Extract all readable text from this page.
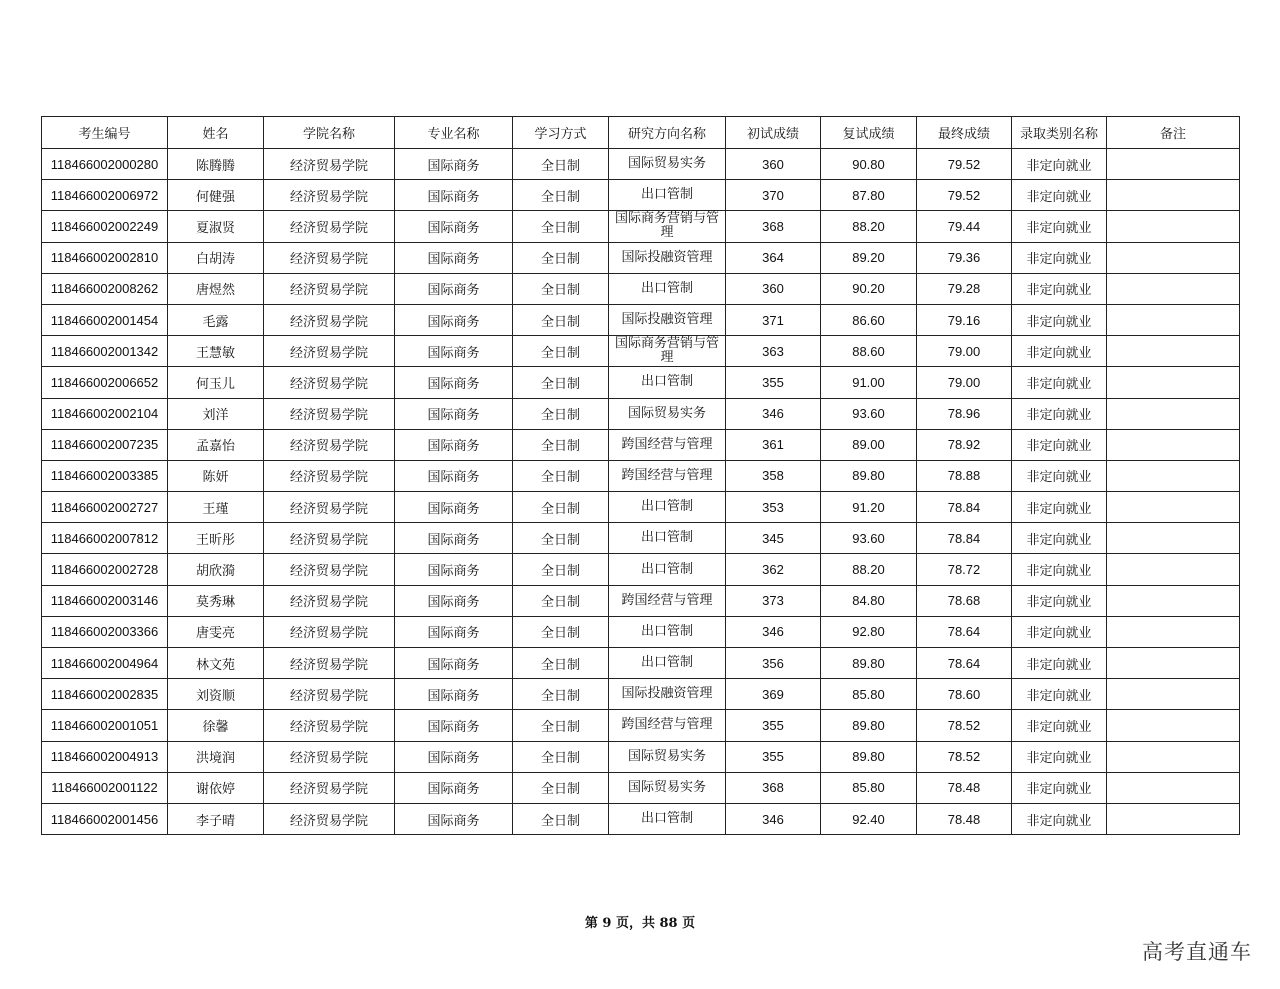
考生编号	姓名	学院名称	专业名称	学习方式	研究方向名称	初试成绩	复试成绩	最终成绩	录取类别名称	备注
118466002000280	陈腾腾	经济贸易学院	国际商务	全日制	国际贸易实务	360	90.80	79.52	非定向就业	
118466002006972	何健强	经济贸易学院	国际商务	全日制	出口管制	370	87.80	79.52	非定向就业	
118466002002249	夏淑贤	经济贸易学院	国际商务	全日制	国际商务营销与管理	368	88.20	79.44	非定向就业	
118466002002810	白胡涛	经济贸易学院	国际商务	全日制	国际投融资管理	364	89.20	79.36	非定向就业	
118466002008262	唐煜然	经济贸易学院	国际商务	全日制	出口管制	360	90.20	79.28	非定向就业	
118466002001454	毛露	经济贸易学院	国际商务	全日制	国际投融资管理	371	86.60	79.16	非定向就业	
118466002001342	王慧敏	经济贸易学院	国际商务	全日制	国际商务营销与管理	363	88.60	79.00	非定向就业	
118466002006652	何玉儿	经济贸易学院	国际商务	全日制	出口管制	355	91.00	79.00	非定向就业	
118466002002104	刘洋	经济贸易学院	国际商务	全日制	国际贸易实务	346	93.60	78.96	非定向就业	
118466002007235	孟嘉怡	经济贸易学院	国际商务	全日制	跨国经营与管理	361	89.00	78.92	非定向就业	
118466002003385	陈妍	经济贸易学院	国际商务	全日制	跨国经营与管理	358	89.80	78.88	非定向就业	
118466002002727	王瑾	经济贸易学院	国际商务	全日制	出口管制	353	91.20	78.84	非定向就业	
118466002007812	王昕彤	经济贸易学院	国际商务	全日制	出口管制	345	93.60	78.84	非定向就业	
118466002002728	胡欣漪	经济贸易学院	国际商务	全日制	出口管制	362	88.20	78.72	非定向就业	
118466002003146	莫秀琳	经济贸易学院	国际商务	全日制	跨国经营与管理	373	84.80	78.68	非定向就业	
118466002003366	唐雯亮	经济贸易学院	国际商务	全日制	出口管制	346	92.80	78.64	非定向就业	
118466002004964	林文苑	经济贸易学院	国际商务	全日制	出口管制	356	89.80	78.64	非定向就业	
118466002002835	刘资顺	经济贸易学院	国际商务	全日制	国际投融资管理	369	85.80	78.60	非定向就业	
118466002001051	徐馨	经济贸易学院	国际商务	全日制	跨国经营与管理	355	89.80	78.52	非定向就业	
118466002004913	洪境润	经济贸易学院	国际商务	全日制	国际贸易实务	355	89.80	78.52	非定向就业	
118466002001122	谢依婷	经济贸易学院	国际商务	全日制	国际贸易实务	368	85.80	78.48	非定向就业	
118466002001456	李子晴	经济贸易学院	国际商务	全日制	出口管制	346	92.40	78.48	非定向就业	
第 9 页，共 88 页
高考直通车
